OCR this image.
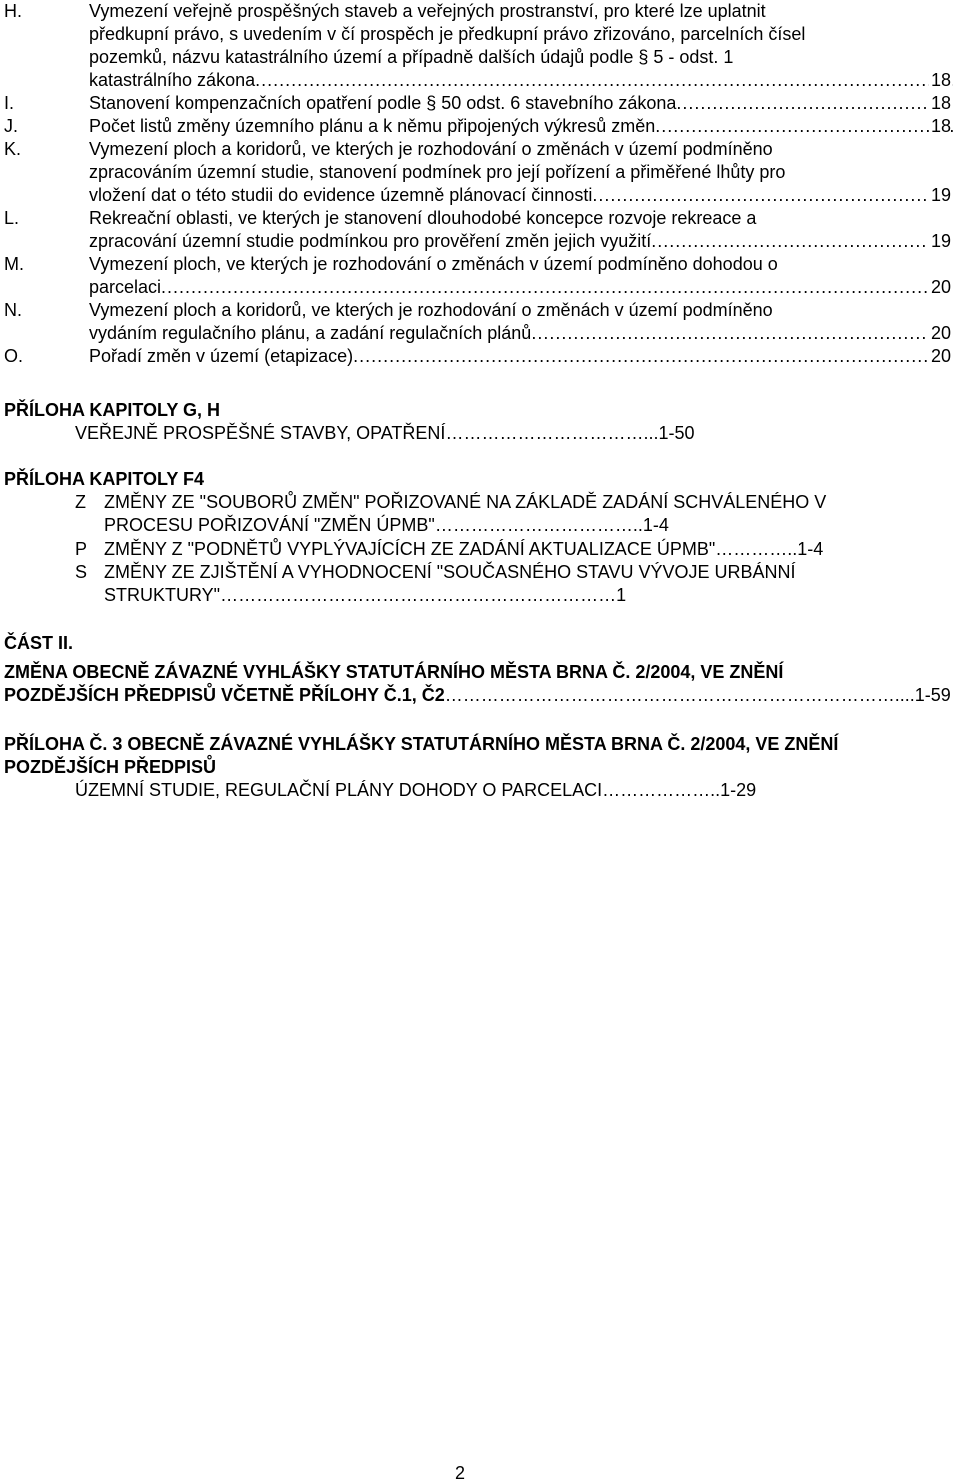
H.	Vymezení veřejně prospěšných staveb a veřejných prostranství, pro které lze uplatnit
předkupní právo, s uvedením v čí prospěch je předkupní právo zřizováno, parcelních čísel
pozemků, názvu katastrálního území a případně dalších údajů podle § 5 - odst. 1
katastrálního zákona .....	18
I.	Stanovení kompenzačních opatření podle § 50 odst. 6 stavebního zákona .....	18
J.	Počet listů změny územního plánu a k němu připojených výkresů změn .....	18
K.	Vymezení ploch a koridorů, ve kterých je rozhodování o změnách v území podmíněno
zpracováním územní studie, stanovení podmínek pro její pořízení a přiměřené lhůty pro
vložení dat o této studii do evidence územně plánovací činnosti .....	19
L.	Rekreační oblasti, ve kterých je stanovení dlouhodobé koncepce rozvoje rekreace a
zpracování územní studie podmínkou pro prověření změn jejich využití .....	19
M.	Vymezení ploch, ve kterých je rozhodování o změnách v území podmíněno dohodou o
parcelaci .....	20
N.	Vymezení ploch a koridorů, ve kterých je rozhodování o změnách v území podmíněno
vydáním regulačního plánu, a zadání regulačních plánů .....	20
O.	Pořadí změn v území (etapizace) .....	20
PŘÍLOHA KAPITOLY G, H
VEŘEJNĚ PROSPĚŠNÉ STAVBY, OPATŘENÍ……………………………...1-50
PŘÍLOHA KAPITOLY F4
Z ZMĚNY ZE "SOUBORŮ ZMĚN" POŘIZOVANÉ NA ZÁKLADĚ ZADÁNÍ SCHVÁLENÉHO V
PROCESU POŘIZOVÁNÍ "ZMĚN ÚPMB"……………………………..1-4
P ZMĚNY Z "PODNĚTŮ VYPLÝVAJÍCÍCH ZE ZADÁNÍ AKTUALIZACE ÚPMB"…………..1-4
S ZMĚNY ZE ZJIŠTĚNÍ A VYHODNOCENÍ "SOUČASNÉHO STAVU VÝVOJE URBÁNNÍ
STRUKTURY"…………………………………………………………1
ČÁST II.
ZMĚNA OBECNĚ ZÁVAZNÉ VYHLÁŠKY STATUTÁRNÍHO MĚSTA BRNA Č. 2/2004, VE ZNĚNÍ
POZDĚJŠÍCH PŘEDPISŮ VČETNĚ PŘÍLOHY Č.1, Č2…………………………………………………………………....1-59
PŘÍLOHA Č. 3 OBECNĚ ZÁVAZNÉ VYHLÁŠKY STATUTÁRNÍHO MĚSTA BRNA Č. 2/2004, VE ZNĚNÍ
POZDĚJŠÍCH PŘEDPISŮ
ÚZEMNÍ STUDIE, REGULAČNÍ PLÁNY DOHODY O PARCELACI………………..1-29
2
